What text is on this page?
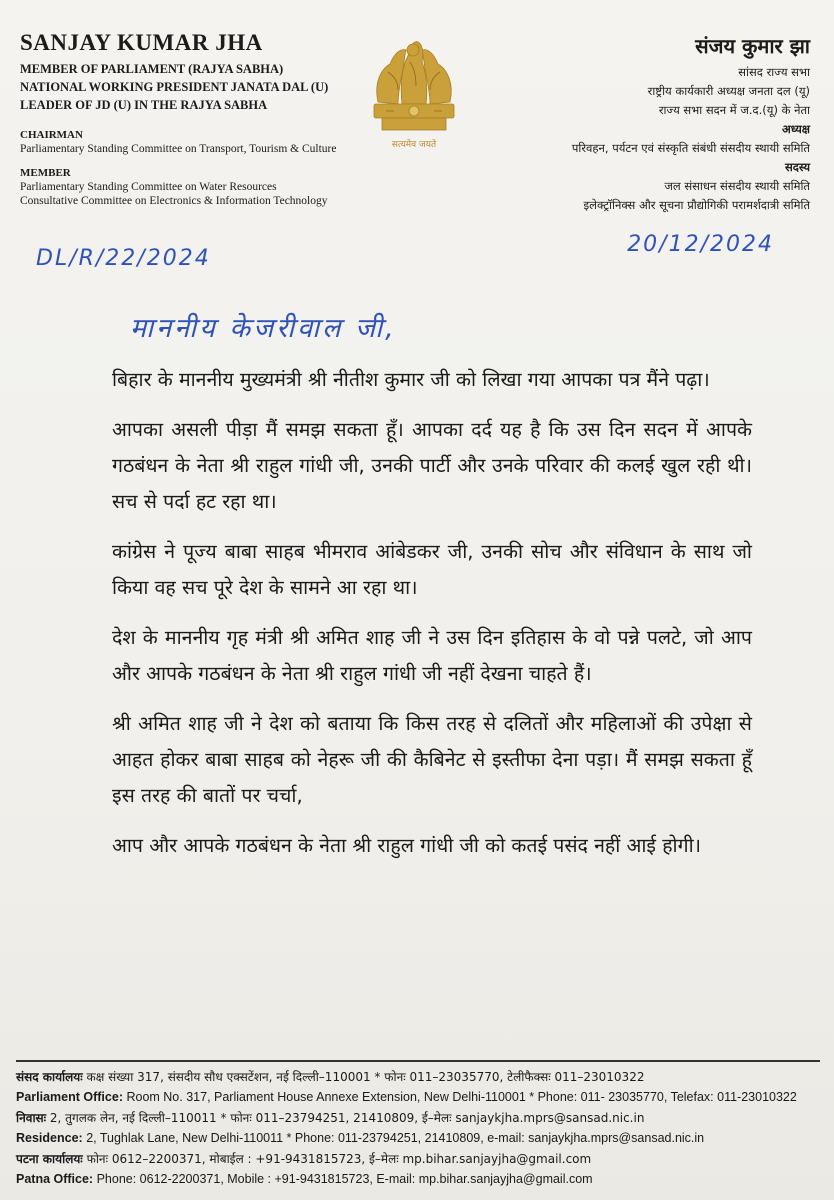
SANJAY KUMAR JHA
MEMBER OF PARLIAMENT (RAJYA SABHA)
NATIONAL WORKING PRESIDENT JANATA DAL (U)
LEADER OF JD (U) IN THE RAJYA SABHA
CHAIRMAN
Parliamentary Standing Committee on Transport, Tourism & Culture
MEMBER
Parliamentary Standing Committee on Water Resources
Consultative Committee on Electronics & Information Technology
सत्यमेव जयते
संजय कुमार झा
सांसद राज्य सभा
राष्ट्रीय कार्यकारी अध्यक्ष जनता दल (यू)
राज्य सभा सदन में ज.द.(यू) के नेता
अध्यक्ष
परिवहन, पर्यटन एवं संस्कृति संबंधी संसदीय स्थायी समिति
सदस्य
जल संसाधन संसदीय स्थायी समिति
इलेक्ट्रॉनिक्स और सूचना प्रौद्योगिकी परामर्शदात्री समिति
DL/R/22/2024
20/12/2024
माननीय केजरीवाल जी,

बिहार के माननीय मुख्यमंत्री श्री नीतीश कुमार जी को लिखा गया आपका पत्र मैंने पढ़ा।

आपका असली पीड़ा मैं समझ सकता हूँ। आपका दर्द यह है कि उस दिन सदन में आपके गठबंधन के नेता श्री राहुल गांधी जी, उनकी पार्टी और उनके परिवार की कलई खुल रही थी। सच से पर्दा हट रहा था।

कांग्रेस ने पूज्य बाबा साहब भीमराव आंबेडकर जी, उनकी सोच और संविधान के साथ जो किया वह सच पूरे देश के सामने आ रहा था।

देश के माननीय गृह मंत्री श्री अमित शाह जी ने उस दिन इतिहास के वो पन्ने पलटे, जो आप और आपके गठबंधन के नेता श्री राहुल गांधी जी नहीं देखना चाहते हैं।

श्री अमित शाह जी ने देश को बताया कि किस तरह से दलितों और महिलाओं की उपेक्षा से आहत होकर बाबा साहब को नेहरू जी की कैबिनेट से इस्तीफा देना पड़ा। मैं समझ सकता हूँ इस तरह की बातों पर चर्चा,

आप और आपके गठबंधन के नेता श्री राहुल गांधी जी को कतई पसंद नहीं आई होगी।

संसद कार्यालयः कक्ष संख्या 317, संसदीय सौध एक्सटेंशन, नई दिल्ली–110001 * फोनः 011–23035770, टेलीफैक्सः 011–23010322

Parliament Office: Room No. 317, Parliament House Annexe Extension, New Delhi-110001 * Phone: 011- 23035770, Telefax: 011-23010322

निवासः 2, तुगलक लेन, नई दिल्ली–110011 * फोनः 011–23794251, 21410809, ई–मेलः sanjaykjha.mprs@sansad.nic.in

Residence: 2, Tughlak Lane, New Delhi-110011 * Phone: 011-23794251, 21410809, e-mail: sanjaykjha.mprs@sansad.nic.in

पटना कार्यालयः फोनः 0612–2200371, मोबाईल : +91-9431815723, ई–मेलः mp.bihar.sanjayjha@gmail.com

Patna Office: Phone: 0612-2200371, Mobile : +91-9431815723, E-mail: mp.bihar.sanjayjha@gmail.com
